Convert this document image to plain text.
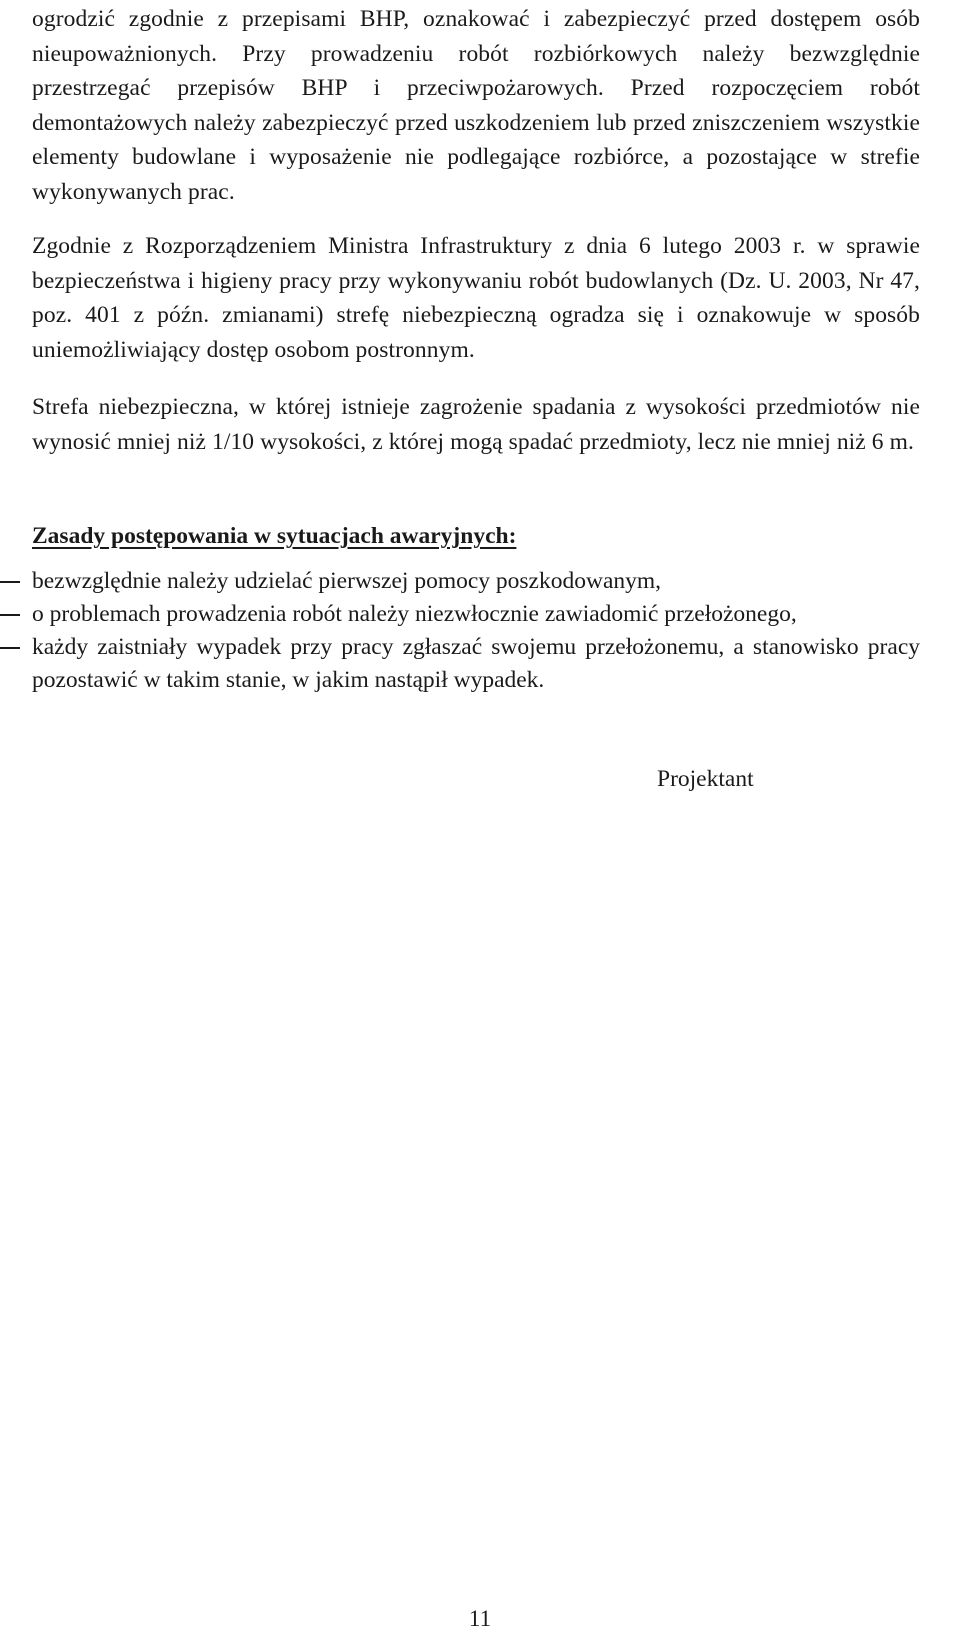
ogrodzić zgodnie z przepisami BHP, oznakować i zabezpieczyć przed dostępem osób nieupoważnionych. Przy prowadzeniu robót rozbiórkowych należy bezwzględnie przestrzegać przepisów BHP i przeciwpożarowych. Przed rozpoczęciem robót demontażowych należy zabezpieczyć przed uszkodzeniem lub przed zniszczeniem wszystkie elementy budowlane i wyposażenie nie podlegające rozbiórce, a pozostające w strefie wykonywanych prac.

Zgodnie z Rozporządzeniem Ministra Infrastruktury z dnia 6 lutego 2003 r. w sprawie bezpieczeństwa i higieny pracy przy wykonywaniu robót budowlanych (Dz. U. 2003, Nr 47, poz. 401 z późn. zmianami) strefę niebezpieczną ogradza się i oznakowuje w sposób uniemożliwiający dostęp osobom postronnym.

Strefa niebezpieczna, w której istnieje zagrożenie spadania z wysokości przedmiotów nie wynosić mniej niż 1/10 wysokości, z której mogą spadać przedmioty, lecz nie mniej niż 6 m.

Zasady postępowania w sytuacjach awaryjnych:
bezwzględnie należy udzielać pierwszej pomocy poszkodowanym,
o problemach prowadzenia robót należy niezwłocznie zawiadomić przełożonego,
każdy zaistniały wypadek przy pracy zgłaszać swojemu przełożonemu, a stanowisko pracy pozostawić w takim stanie, w jakim nastąpił wypadek.

Projektant

11
